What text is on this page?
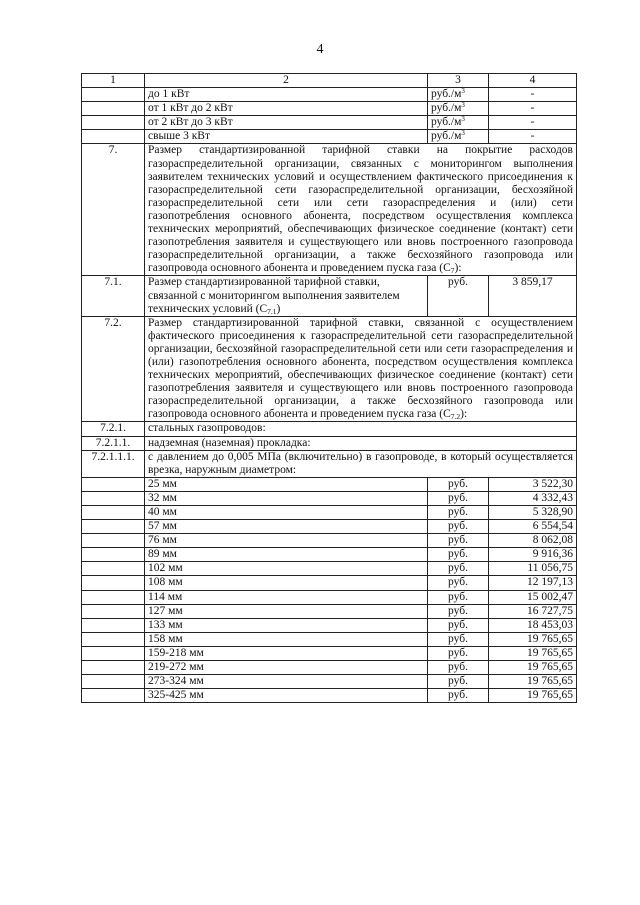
4
1	2	3	4
	до 1 кВт	$руб./м^3$	-
	от 1 кВт до 2 кВт	$руб./м^3$	-
	от 2 кВт до 3 кВт	$руб./м^3$	-
	свыше 3 кВт	$руб./м^3$	-
7.	Размер стандартизированной тарифной ставки на покрытие расходов газораспределительной организации, связанных с мониторингом выполнения заявителем технических условий и осуществлением фактического присоединения к газораспределительной сети газораспределительной организации, бесхозяйной газораспределительной сети или сети газораспределения и (или) сети газопотребления основного абонента, посредством осуществления комплекса технических мероприятий, обеспечивающих физическое соединение (контакт) сети газопотребления заявителя и существующего или вновь построенного газопровода газораспределительной организации, а также бесхозяйного газопровода или газопровода основного абонента и проведением пуска газа $(С_7)$:		
7.1.	Размер стандартизированной тарифной ставки, связанной с мониторингом выполнения заявителем технических условий $(С_{7.1})$	руб.	3 859,17
7.2.	Размер стандартизированной тарифной ставки, связанной с осуществлением фактического присоединения к газораспределительной сети газораспределительной организации, бесхозяйной газораспределительной сети или сети газораспределения и (или) газопотребления основного абонента, посредством осуществления комплекса технических мероприятий, обеспечивающих физическое соединение (контакт) сети газопотребления заявителя и существующего или вновь построенного газопровода газораспределительной организации, а также бесхозяйного газопровода или газопровода основного абонента и проведением пуска газа $(С_{7.2})$:		
7.2.1.	стальных газопроводов:		
7.2.1.1.	надземная (наземная) прокладка:		
7.2.1.1.1.	с давлением до 0,005 МПа (включительно) в газопроводе, в который осуществляется врезка, наружным диаметром:		
	25 мм	руб.	3 522,30
	32 мм	руб.	4 332,43
	40 мм	руб.	5 328,90
	57 мм	руб.	6 554,54
	76 мм	руб.	8 062,08
	89 мм	руб.	9 916,36
	102 мм	руб.	11 056,75
	108 мм	руб.	12 197,13
	114 мм	руб.	15 002,47
	127 мм	руб.	16 727,75
	133 мм	руб.	18 453,03
	158 мм	руб.	19 765,65
	159-218 мм	руб.	19 765,65
	219-272 мм	руб.	19 765,65
	273-324 мм	руб.	19 765,65
	325-425 мм	руб.	19 765,65
